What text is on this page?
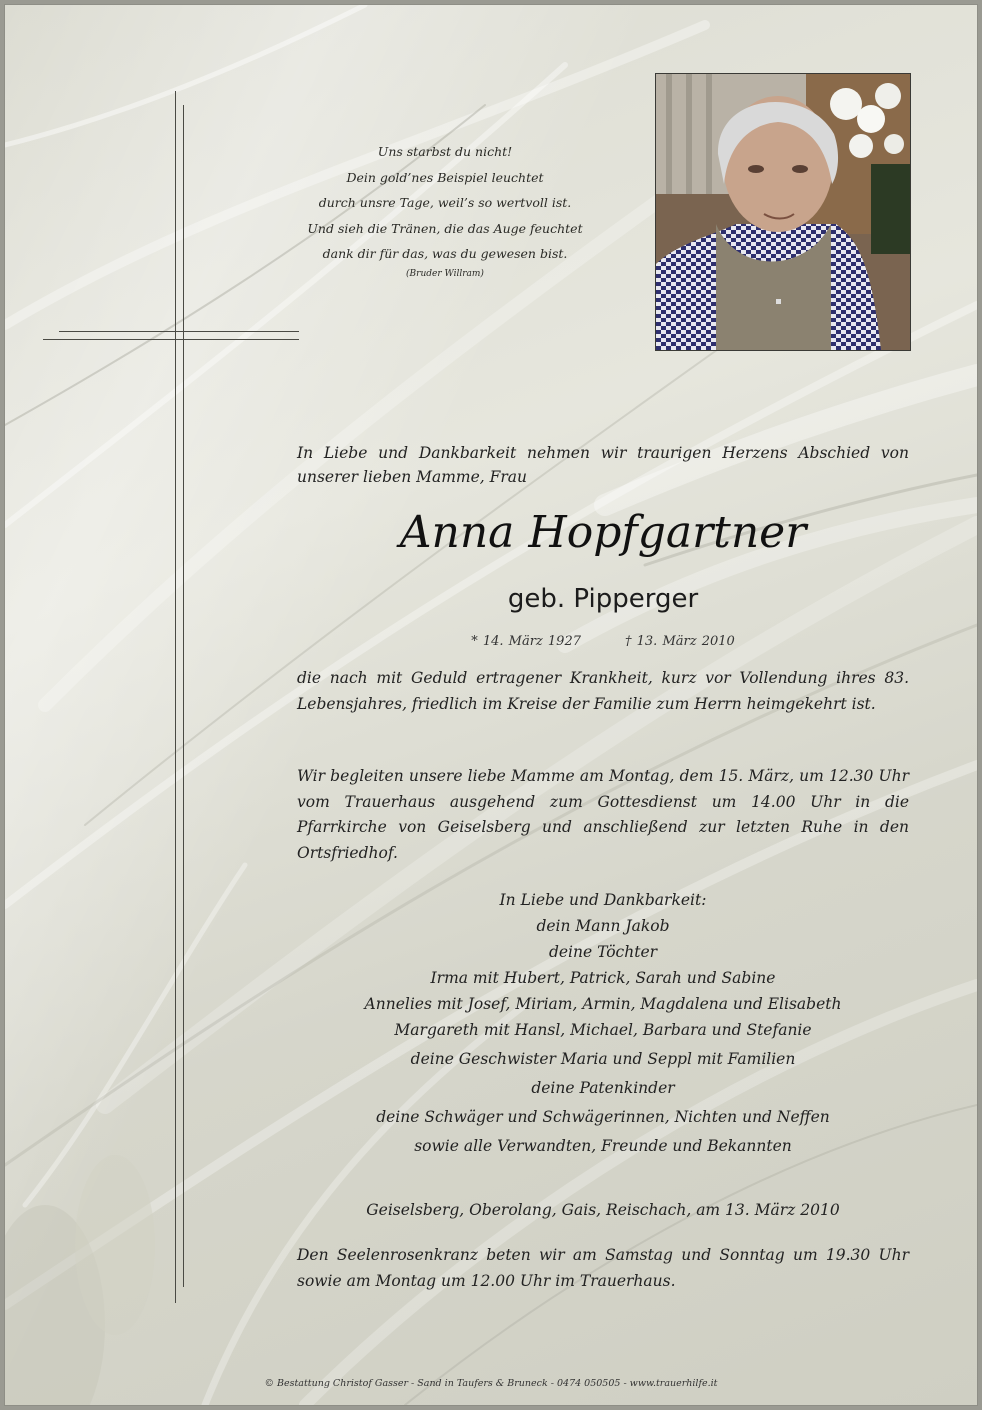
Uns starbst du nicht!
Dein gold’nes Beispiel leuchtet
durch unsre Tage, weil’s so wertvoll ist.
Und sieh die Tränen, die das Auge feuchtet
dank dir für das, was du gewesen bist.
(Bruder Willram)
In Liebe und Dankbarkeit nehmen wir traurigen Herzens Abschied von unserer lieben Mamme, Frau
Anna Hopfgartner
geb. Pipperger
* 14. März 1927	† 13. März 2010
die nach mit Geduld ertragener Krankheit, kurz vor Vollendung ihres 83. Lebensjahres, friedlich im Kreise der Familie zum Herrn heimgekehrt ist.
Wir begleiten unsere liebe Mamme am Montag, dem 15. März, um 12.30 Uhr vom Trauerhaus ausgehend zum Gottesdienst um 14.00 Uhr in die Pfarrkirche von Geiselsberg und anschließend zur letzten Ruhe in den Ortsfriedhof.
In Liebe und Dankbarkeit:
dein Mann Jakob
deine Töchter
Irma mit Hubert, Patrick, Sarah und Sabine
Annelies mit Josef, Miriam, Armin, Magdalena und Elisabeth
Margareth mit Hansl, Michael, Barbara und Stefanie
deine Geschwister Maria und Seppl mit Familien
deine Patenkinder
deine Schwäger und Schwägerinnen, Nichten und Neffen
sowie alle Verwandten, Freunde und Bekannten
Geiselsberg, Oberolang, Gais, Reischach, am 13. März 2010
Den Seelenrosenkranz beten wir am Samstag und Sonntag um 19.30 Uhr sowie am Montag um 12.00 Uhr im Trauerhaus.
© Bestattung Christof Gasser - Sand in Taufers & Bruneck - 0474 050505 - www.trauerhilfe.it
